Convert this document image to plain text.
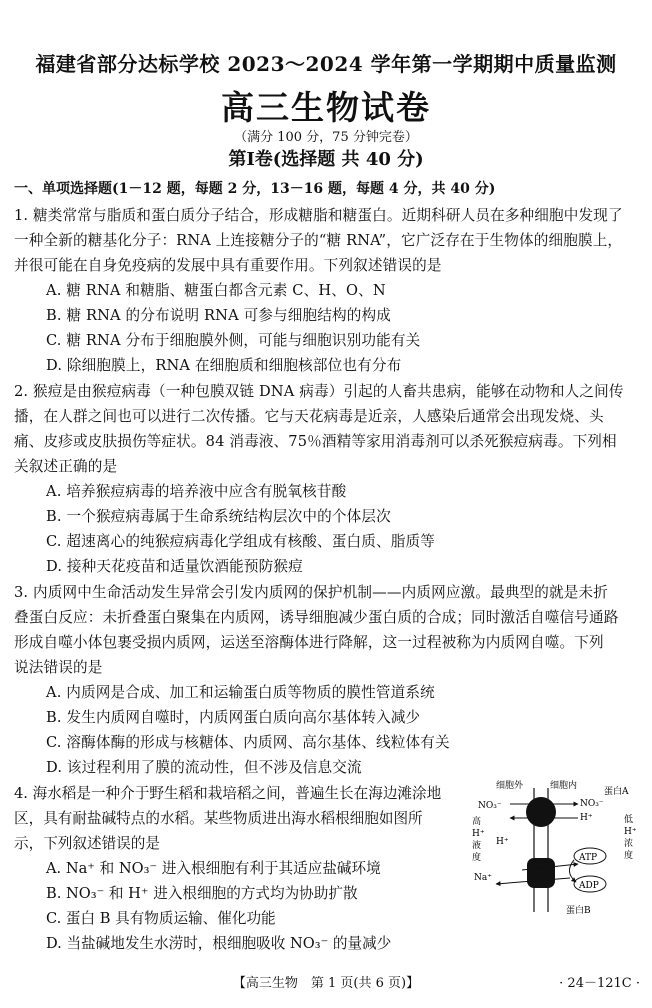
福建省部分达标学校 2023～2024 学年第一学期期中质量监测
高三生物试卷
（满分 100 分，75 分钟完卷）
第Ⅰ卷(选择题 共 40 分)
一、单项选择题(1－12 题，每题 2 分，13－16 题，每题 4 分，共 40 分)
1. 糖类常常与脂质和蛋白质分子结合，形成糖脂和糖蛋白。近期科研人员在多种细胞中发现了
一种全新的糖基化分子：RNA 上连接糖分子的“糖 RNA”，它广泛存在于生物体的细胞膜上，
并很可能在自身免疫病的发展中具有重要作用。下列叙述错误的是
A. 糖 RNA 和糖脂、糖蛋白都含元素 C、H、O、N
B. 糖 RNA 的分布说明 RNA 可参与细胞结构的构成
C. 糖 RNA 分布于细胞膜外侧，可能与细胞识别功能有关
D. 除细胞膜上，RNA 在细胞质和细胞核部位也有分布
2. 猴痘是由猴痘病毒（一种包膜双链 DNA 病毒）引起的人畜共患病，能够在动物和人之间传
播，在人群之间也可以进行二次传播。它与天花病毒是近亲，人感染后通常会出现发烧、头
痛、皮疹或皮肤损伤等症状。84 消毒液、75％酒精等家用消毒剂可以杀死猴痘病毒。下列相
关叙述正确的是
A. 培养猴痘病毒的培养液中应含有脱氧核苷酸
B. 一个猴痘病毒属于生命系统结构层次中的个体层次
C. 超速离心的纯猴痘病毒化学组成有核酸、蛋白质、脂质等
D. 接种天花疫苗和适量饮酒能预防猴痘
3. 内质网中生命活动发生异常会引发内质网的保护机制——内质网应激。最典型的就是未折
叠蛋白反应：未折叠蛋白聚集在内质网，诱导细胞减少蛋白质的合成；同时激活自噬信号通路
形成自噬小体包裹受损内质网，运送至溶酶体进行降解，这一过程被称为内质网自噬。下列
说法错误的是
A. 内质网是合成、加工和运输蛋白质等物质的膜性管道系统
B. 发生内质网自噬时，内质网蛋白质向高尔基体转入减少
C. 溶酶体酶的形成与核糖体、内质网、高尔基体、线粒体有关
D. 该过程利用了膜的流动性，但不涉及信息交流
4. 海水稻是一种介于野生稻和栽培稻之间，普遍生长在海边滩涂地
区，具有耐盐碱特点的水稻。某些物质进出海水稻根细胞如图所
示，下列叙述错误的是
A. Na⁺ 和 NO₃⁻ 进入根细胞有利于其适应盐碱环境
B. NO₃⁻ 和 H⁺ 进入根细胞的方式均为协助扩散
C. 蛋白 B 具有物质运输、催化功能
D. 当盐碱地发生水涝时，根细胞吸收 NO₃⁻ 的量减少
细胞外	细胞内
蛋白A
NO₃⁻	NO₃⁻
H⁺
H⁺
Na⁺
高
H⁺
液
度
低
H⁺
浓
度
ATP
ADP
蛋白B
【高三生物　第 1 页(共 6 页)】	· 24－121C ·
